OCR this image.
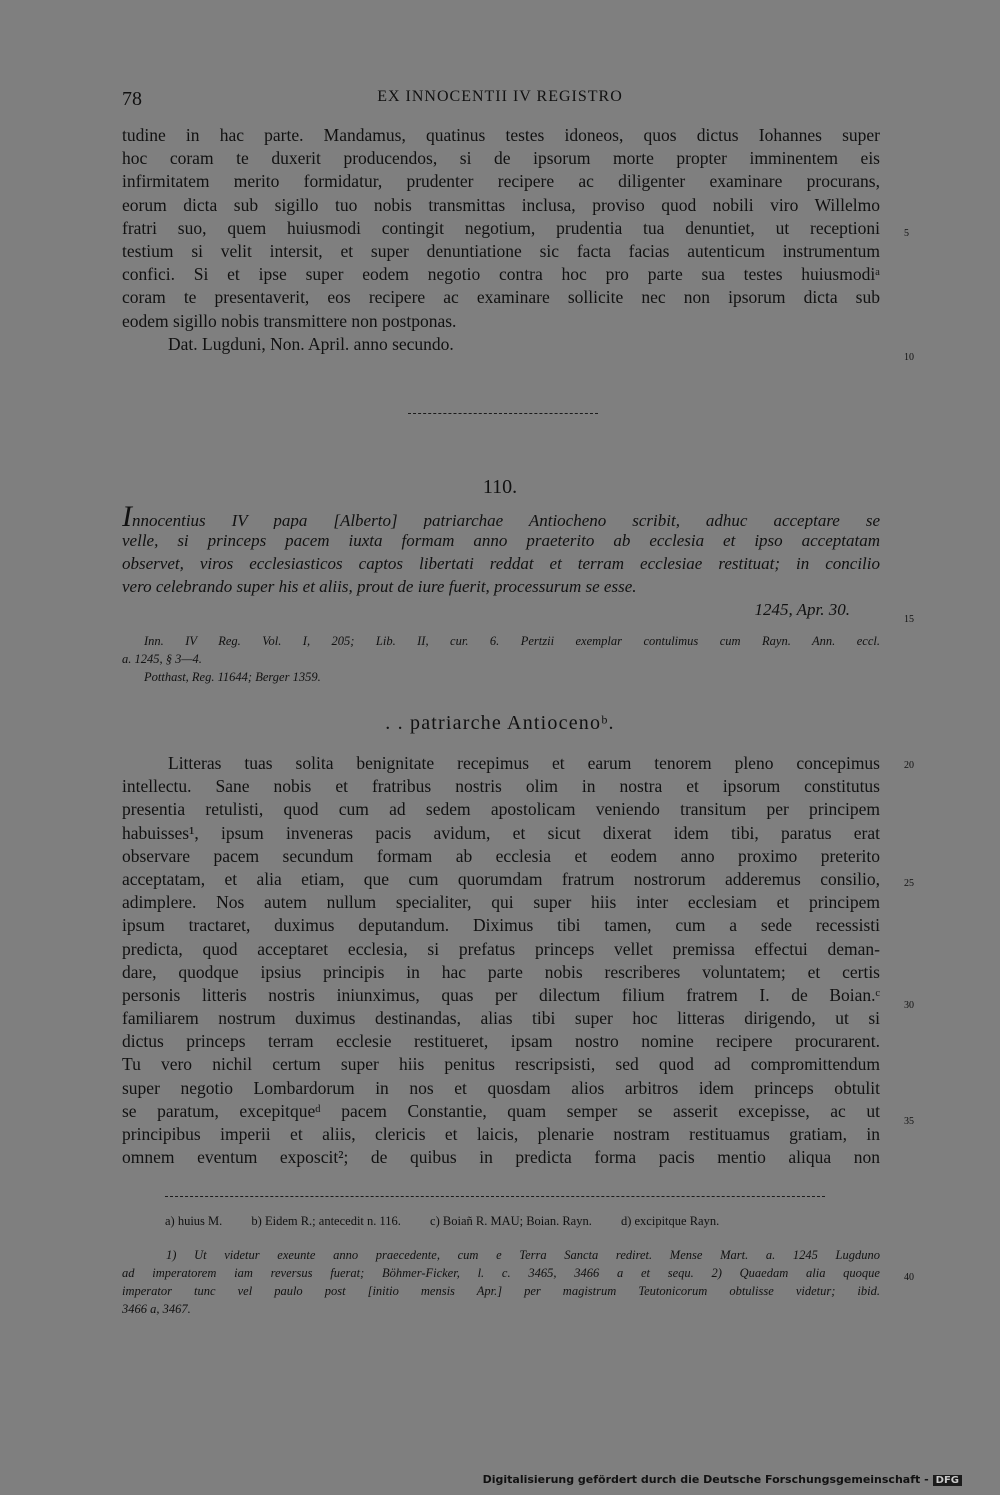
78	EX INNOCENTII IV REGISTRO
tudine in hac parte. Mandamus, quatinus testes idoneos, quos dictus Iohannes super
hoc coram te duxerit producendos, si de ipsorum morte propter imminentem eis
infirmitatem merito formidatur, prudenter recipere ac diligenter examinare procurans,
eorum dicta sub sigillo tuo nobis transmittas inclusa, proviso quod nobili viro Willelmo
fratri suo, quem huiusmodi contingit negotium, prudentia tua denuntiet, ut receptioni
testium si velit intersit, et super denuntiatione sic facta facias autenticum instrumentum
confici. Si et ipse super eodem negotio contra hoc pro parte sua testes huiusmodiᵃ
coram te presentaverit, eos recipere ac examinare sollicite nec non ipsorum dicta sub
eodem sigillo nobis transmittere non postponas.
Dat. Lugduni, Non. April. anno secundo.
5
10
15
20
25
30
35
40
110.
Innocentius IV papa [Alberto] patriarchae Antiocheno scribit, adhuc acceptare se
velle, si princeps pacem iuxta formam anno praeterito ab ecclesia et ipso acceptatam
observet, viros ecclesiasticos captos libertati reddat et terram ecclesiae restituat; in concilio
vero celebrando super his et aliis, prout de iure fuerit, processurum se esse.
1245, Apr. 30.
Inn. IV Reg. Vol. I, 205; Lib. II, cur. 6. Pertzii exemplar contulimus cum Rayn. Ann. eccl.
a. 1245, § 3—4.
Potthast, Reg. 11644; Berger 1359.
. . patriarche Antiocenoᵇ.
Litteras tuas solita benignitate recepimus et earum tenorem pleno concepimus
intellectu. Sane nobis et fratribus nostris olim in nostra et ipsorum constitutus
presentia retulisti, quod cum ad sedem apostolicam veniendo transitum per principem
habuisses¹, ipsum inveneras pacis avidum, et sicut dixerat idem tibi, paratus erat
observare pacem secundum formam ab ecclesia et eodem anno proximo preterito
acceptatam, et alia etiam, que cum quorumdam fratrum nostrorum adderemus consilio,
adimplere. Nos autem nullum specialiter, qui super hiis inter ecclesiam et principem
ipsum tractaret, duximus deputandum. Diximus tibi tamen, cum a sede recessisti
predicta, quod acceptaret ecclesia, si prefatus princeps vellet premissa effectui deman-
dare, quodque ipsius principis in hac parte nobis rescriberes voluntatem; et certis
personis litteris nostris iniunximus, quas per dilectum filium fratrem I. de Boian.ᶜ
familiarem nostrum duximus destinandas, alias tibi super hoc litteras dirigendo, ut si
dictus princeps terram ecclesie restitueret, ipsam nostro nomine recipere procurarent.
Tu vero nichil certum super hiis penitus rescripsisti, sed quod ad compromittendum
super negotio Lombardorum in nos et quosdam alios arbitros idem princeps obtulit
se paratum, excepitqueᵈ pacem Constantie, quam semper se asserit excepisse, ac ut
principibus imperii et aliis, clericis et laicis, plenarie nostram restituamus gratiam, in
omnem eventum exposcit²; de quibus in predicta forma pacis mentio aliqua non
a) huius M. b) Eidem R.; antecedit n. 116. c) Boiañ R. MAU; Boian. Rayn. d) excipitque Rayn.
1) Ut videtur exeunte anno praecedente, cum e Terra Sancta rediret. Mense Mart. a. 1245 Lugduno
ad imperatorem iam reversus fuerat; Böhmer-Ficker, l. c. 3465, 3466 a et sequ. 2) Quaedam alia quoque
imperator tunc vel paulo post [initio mensis Apr.] per magistrum Teutonicorum obtulisse videtur; ibid.
3466 a, 3467.
Digitalisierung gefördert durch die Deutsche Forschungsgemeinschaft - DFG
